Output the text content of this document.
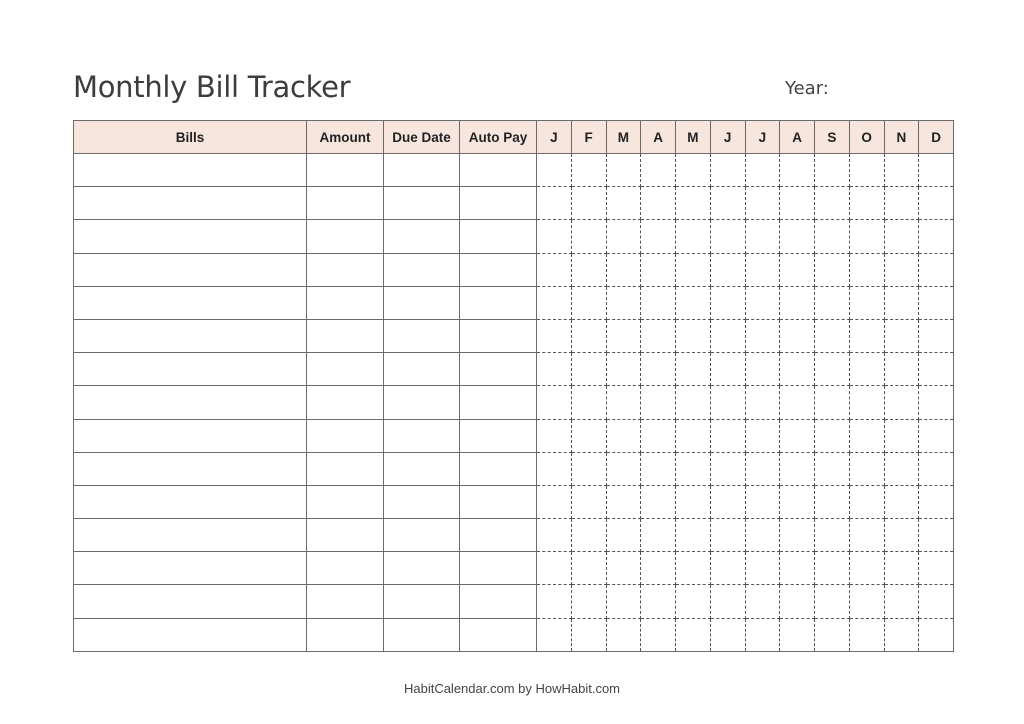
Monthly Bill Tracker	Year:
Bills	Amount	Due Date	Auto Pay	J	F	M	A	M	J	J	A	S	O	N	D

HabitCalendar.com by HowHabit.com
